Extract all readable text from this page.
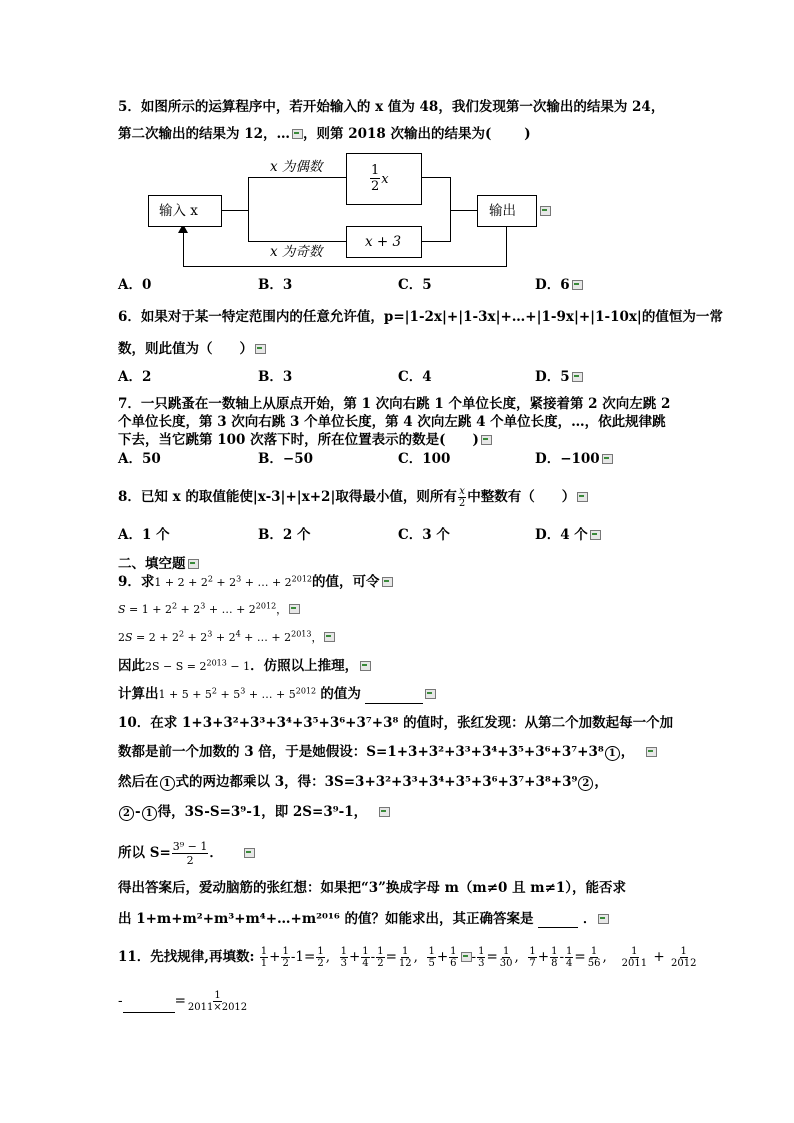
5．如图所示的运算程序中，若开始输入的 x 值为 48，我们发现第一次输出的结果为 24，
第二次输出的结果为 12，… ，则第 2018 次输出的结果为( )
输入 x
x 为偶数
x 为奇数
$\frac{1}{2}$ x
x + 3
输出
A．0	B．3	C．5	D．6
6．如果对于某一特定范围内的任意允许值，p=|1-2x|+|1-3x|+…+|1-9x|+|1-10x|的值恒为一常
数，则此值为（　　）
A．2	B．3	C．4	D．5
7．一只跳蚤在一数轴上从原点开始，第 1 次向右跳 1 个单位长度，紧接着第 2 次向左跳 2
个单位长度，第 3 次向右跳 3 个单位长度，第 4 次向左跳 4 个单位长度，…，依此规律跳
下去，当它跳第 100 次落下时，所在位置表示的数是(　　)
A．50	B．−50	C．100	D．−100
8．已知 x 的取值能使|x-3|+|x+2|取得最小值，则所有 $\frac{x}{2}$ 中整数有（　　）
A．1 个	B．2 个	C．3 个	D．4 个
二、填空题
9．求$1 + 2 + 2^2 + 2^3$ + … + $2^{2012}$的值，可令
$S = 1 + 2^2 + 2^3$ + … + $2^{2012}$，
$2S = 2 + 2^2 + 2^3 + 2^4$ + … + $2^{2013}$，
因此$2S - S = 2^{2013} - 1$．仿照以上推理，
计算出$1 + 5 + 5^2 + 5^3$ + … + $5^{2012}$ 的值为
10．在求 1+3+3²+3³+3⁴+3⁵+3⁶+3⁷+3⁸ 的值时，张红发现：从第二个加数起每一个加
数都是前一个加数的 3 倍，于是她假设：S=1+3+3²+3³+3⁴+3⁵+3⁶+3⁷+3⁸ 1 ，
然后在 1 式的两边都乘以 3，得：3S=3+3²+3³+3⁴+3⁵+3⁶+3⁷+3⁸+3⁹ 2 ，
2 - 1 得，3S-S=3⁹-1，即 2S=3⁹-1，
所以 $S= \frac{\text{3⁹ − 1}}{2}$ ．
得出答案后，爱动脑筋的张红想：如果把“3”换成字母 m（m≠0 且 m≠1），能否求
出 1+m+m²+m³+m⁴+…+m²⁰¹⁶ 的值？如能求出，其正确答案是	．
11．先找规律,再填数: $\frac{1}{1} + \frac{1}{2} -1= \frac{1}{2}$ , $\frac{1}{3} + \frac{1}{4} - \frac{1}{2} = \frac{1}{12}$ , $\frac{1}{5} + \frac{1}{6} - \frac{1}{3} = \frac{1}{30}$ , $\frac{1}{7} + \frac{1}{8} - \frac{1}{4} = \frac{1}{56}$ , $\frac{1}{2011} + \frac{1}{2012}$
-	= $\frac{1}{2011\times 2012}$
